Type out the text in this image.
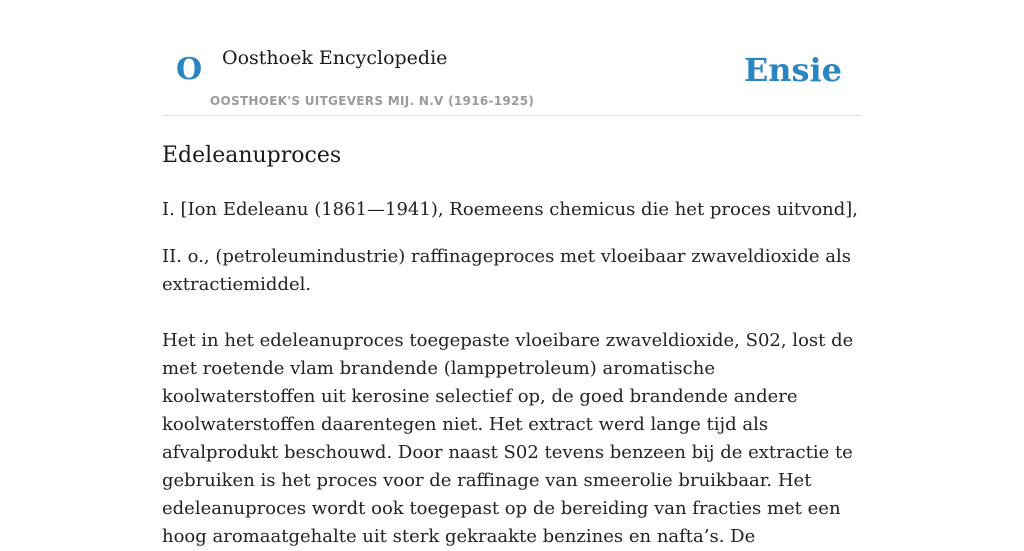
O Oosthoek Encyclopedie
OOSTHOEK'S UITGEVERS MIJ. N.V (1916-1925)
Ensie
Edeleanuproces

I. [Ion Edeleanu (1861—1941), Roemeens chemicus die het proces uitvond],

II. o., (petroleumindustrie) raffinageproces met vloeibaar zwaveldioxide als extractiemiddel.

Het in het edeleanuproces toegepaste vloeibare zwaveldioxide, S02, lost de met roetende vlam brandende (lamppetroleum) aromatische koolwaterstoffen uit kerosine selectief op, de goed brandende andere koolwaterstoffen daarentegen niet. Het extract werd lange tijd als afvalprodukt beschouwd. Door naast S02 tevens benzeen bij de extractie te gebruiken is het proces voor de raffinage van smeerolie bruikbaar. Het edeleanuproces wordt ook toegepast op de bereiding van fracties met een hoog aromaatgehalte uit sterk gekraakte benzines en nafta’s. De
